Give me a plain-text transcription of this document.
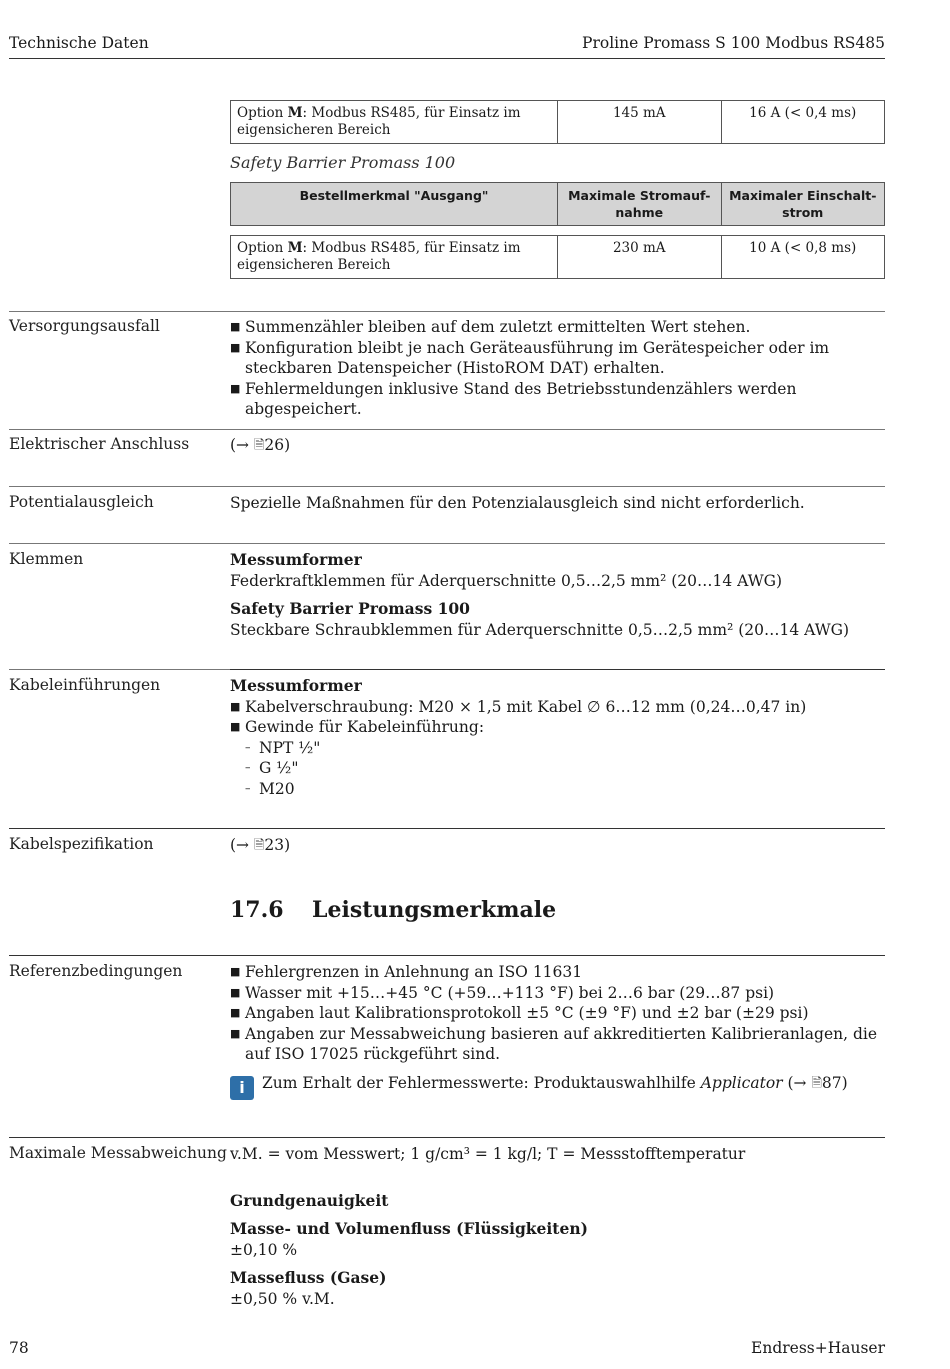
Technische Daten	Proline Promass S 100 Modbus RS485
Option M: Modbus RS485, für Einsatz im eigensicheren Bereich	145 mA	16 A (< 0,4 ms)
Safety Barrier Promass 100
Bestellmerkmal "Ausgang"	Maximale Stromauf-nahme	Maximaler Einschalt-strom
Option M: Modbus RS485, für Einsatz im eigensicheren Bereich	230 mA	10 A (< 0,8 ms)
Versorgungsausfall	■ Summenzähler bleiben auf dem zuletzt ermittelten Wert stehen.
■ Konfiguration bleibt je nach Geräteausführung im Gerätespeicher oder im steckbaren Datenspeicher (HistoROM DAT) erhalten.
■ Fehlermeldungen inklusive Stand des Betriebsstundenzählers werden abgespeichert.
Elektrischer Anschluss	(→ 🗎26)
Potentialausgleich	Spezielle Maßnahmen für den Potenzialausgleich sind nicht erforderlich.
Klemmen	Messumformer
Federkraftklemmen für Aderquerschnitte 0,5…2,5 mm² (20…14 AWG)
Safety Barrier Promass 100
Steckbare Schraubklemmen für Aderquerschnitte 0,5…2,5 mm² (20…14 AWG)
Kabeleinführungen	Messumformer
■ Kabelverschraubung: M20 × 1,5 mit Kabel ∅ 6…12 mm (0,24…0,47 in)
■ Gewinde für Kabeleinführung:
– NPT ½"
– G ½"
– M20
Kabelspezifikation	(→ 🗎23)
17.6 Leistungsmerkmale
Referenzbedingungen	■ Fehlergrenzen in Anlehnung an ISO 11631
■ Wasser mit +15…+45 °C (+59…+113 °F) bei 2…6 bar (29…87 psi)
■ Angaben laut Kalibrationsprotokoll ±5 °C (±9 °F) und ±2 bar (±29 psi)
■ Angaben zur Messabweichung basieren auf akkreditierten Kalibrieranlagen, die auf ISO 17025 rückgeführt sind.
i Zum Erhalt der Fehlermesswerte: Produktauswahlhilfe Applicator (→ 🗎87)
Maximale Messabweichung v.M. = vom Messwert; 1 g/cm³ = 1 kg/l; T = Messstofftemperatur
Grundgenauigkeit
Masse- und Volumenfluss (Flüssigkeiten)
±0,10 %
Massefluss (Gase)
±0,50 % v.M.
78	Endress+Hauser
